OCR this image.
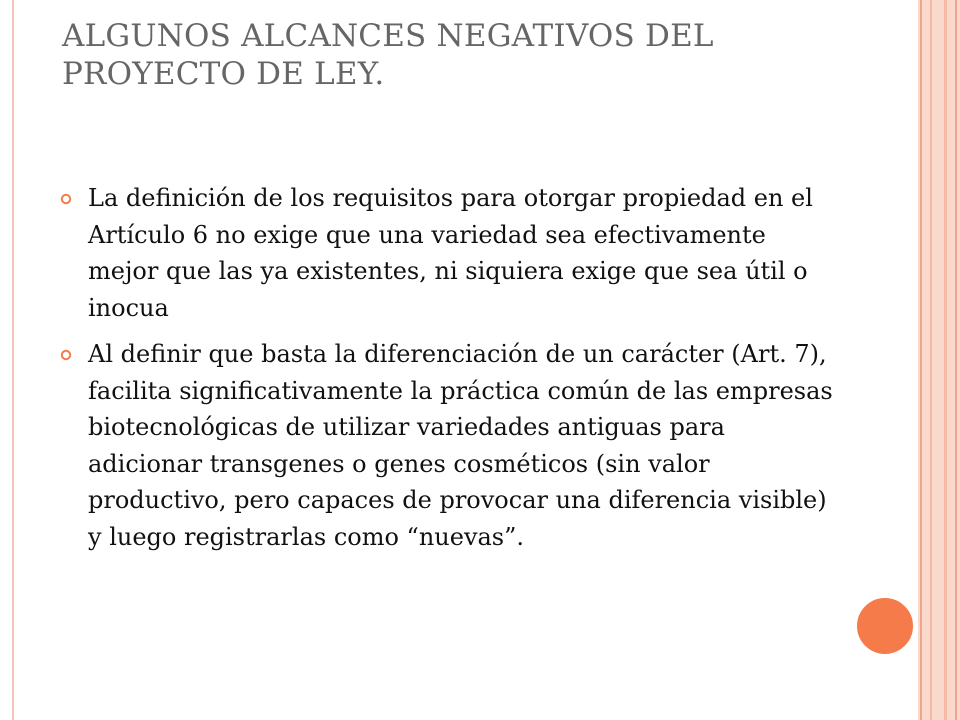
ALGUNOS ALCANCES NEGATIVOS DEL PROYECTO DE LEY.
La definición de los requisitos para otorgar propiedad en el Artículo 6 no exige que una variedad sea efectivamente mejor que las ya existentes, ni siquiera exige que sea útil o inocua
Al definir que basta la diferenciación de un carácter (Art. 7), facilita significativamente la práctica común de las empresas biotecnológicas de utilizar variedades antiguas para adicionar transgenes o genes cosméticos (sin valor productivo, pero capaces de provocar una diferencia visible) y luego registrarlas como “nuevas”.
